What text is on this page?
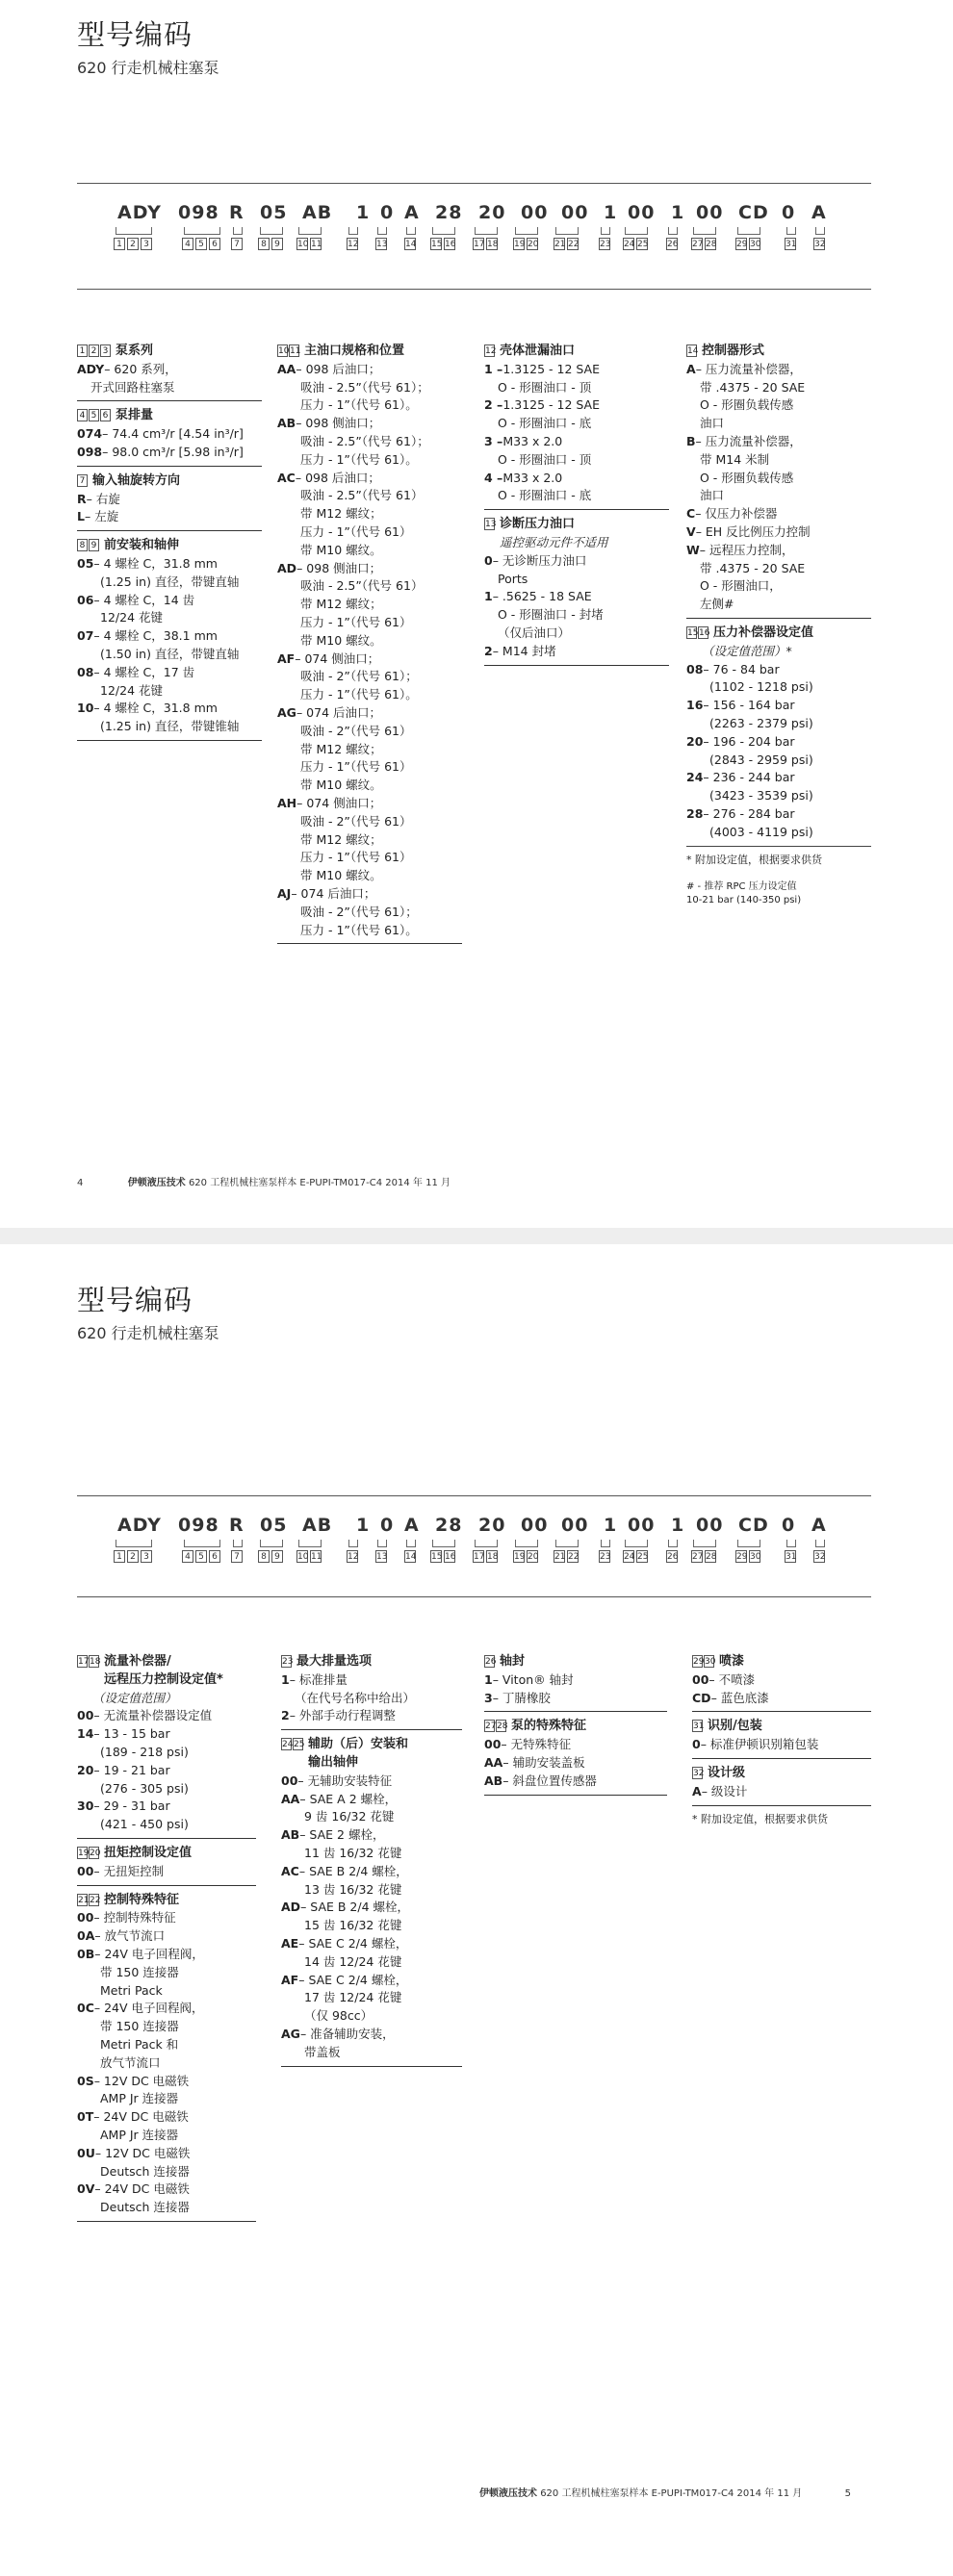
型号编码
620 行走机械柱塞泵
ADY 098 R 05 AB 1 0 A 28 20 00 00 1 00 1 00 CD 0 A
1 2 3	4 5 6	7	8 9	10 11	12 13 14 15 16 17 18 19 20 21 22 23 24 25 26 27 28 29 30	31 32
1 2 3 泵系列
ADY – 620 系列，
开式回路柱塞泵
4 5 6 泵排量
074 – 74.4 cm³/r [4.54 in³/r]
098 – 98.0 cm³/r [5.98 in³/r]
7 输入轴旋转方向
R – 右旋
L – 左旋
8 9 前安装和轴伸
05 – 4 螺栓 C，31.8 mm
(1.25 in) 直径，带键直轴
06 – 4 螺栓 C，14 齿
12/24 花键
07 – 4 螺栓 C，38.1 mm
(1.50 in) 直径，带键直轴
08 – 4 螺栓 C，17 齿
12/24 花键
10 – 4 螺栓 C，31.8 mm
(1.25 in) 直径，带键锥轴
10 11 主油口规格和位置
AA – 098 后油口；
吸油 - 2.5”（代号 61）；
压力 - 1”（代号 61）。
AB – 098 侧油口；
吸油 - 2.5”（代号 61）；
压力 - 1”（代号 61）。
AC – 098 后油口；
吸油 - 2.5”（代号 61）
带 M12 螺纹；
压力 - 1”（代号 61）
带 M10 螺纹。
AD – 098 侧油口；
吸油 - 2.5”（代号 61）
带 M12 螺纹；
压力 - 1”（代号 61）
带 M10 螺纹。
AF – 074 侧油口；
吸油 - 2”（代号 61）；
压力 - 1”（代号 61）。
AG – 074 后油口；
吸油 - 2”（代号 61）
带 M12 螺纹；
压力 - 1”（代号 61）
带 M10 螺纹。
AH – 074 侧油口；
吸油 - 2”（代号 61）
带 M12 螺纹；
压力 - 1”（代号 61）
带 M10 螺纹。
AJ – 074 后油口；
吸油 - 2”（代号 61）；
压力 - 1”（代号 61）。
12 壳体泄漏油口
1 – 1.3125 - 12 SAE
O - 形圈油口 - 顶
2 – 1.3125 - 12 SAE
O - 形圈油口 - 底
3 – M33 x 2.0
O - 形圈油口 - 顶
4 – M33 x 2.0
O - 形圈油口 - 底
13 诊断压力油口
遥控驱动元件不适用
0 – 无诊断压力油口
Ports
1 – .5625 - 18 SAE
O - 形圈油口 - 封堵
（仅后油口）
2 – M14 封堵
14 控制器形式
A – 压力流量补偿器，
带 .4375 - 20 SAE
O - 形圈负载传感
油口
B – 压力流量补偿器，
带 M14 米制
O - 形圈负载传感
油口
C – 仅压力补偿器
V – EH 反比例压力控制
W – 远程压力控制，
带 .4375 - 20 SAE
O - 形圈油口，
左侧#
15 16 压力补偿器设定值
（设定值范围）*
08 – 76 - 84 bar
(1102 - 1218 psi)
16 – 156 - 164 bar
(2263 - 2379 psi)
20 – 196 - 204 bar
(2843 - 2959 psi)
24 – 236 - 244 bar
(3423 - 3539 psi)
28 – 276 - 284 bar
(4003 - 4119 psi)
* 附加设定值，根据要求供货
# - 推荐 RPC 压力设定值
10-21 bar (140-350 psi)
4	伊顿液压技术 620 工程机械柱塞泵样本 E-PUPI-TM017-C4 2014 年 11 月
型号编码
620 行走机械柱塞泵
ADY 098 R 05 AB 1 0 A 28 20 00 00 1 00 1 00 CD 0 A
1 2 3	4 5 6	7	8 9	10 11	12 13 14 15 16 17 18 19 20 21 22 23 24 25 26 27 28 29 30	31 32
17 18 流量补偿器/
远程压力控制设定值*
（设定值范围）
00 – 无流量补偿器设定值
14 – 13 - 15 bar
(189 - 218 psi)
20 – 19 - 21 bar
(276 - 305 psi)
30 – 29 - 31 bar
(421 - 450 psi)
19 20 扭矩控制设定值
00 – 无扭矩控制
21 22 控制特殊特征
00 – 控制特殊特征
0A – 放气节流口
0B – 24V 电子回程阀，
带 150 连接器
Metri Pack
0C – 24V 电子回程阀，
带 150 连接器
Metri Pack 和
放气节流口
0S – 12V DC 电磁铁
AMP Jr 连接器
0T – 24V DC 电磁铁
AMP Jr 连接器
0U – 12V DC 电磁铁
Deutsch 连接器
0V – 24V DC 电磁铁
Deutsch 连接器
23 最大排量选项
1 – 标准排量
（在代号名称中给出）
2 – 外部手动行程调整
24 25 辅助（后）安装和
输出轴伸
00 – 无辅助安装特征
AA – SAE A 2 螺栓，
9 齿 16/32 花键
AB – SAE 2 螺栓，
11 齿 16/32 花键
AC – SAE B 2/4 螺栓，
13 齿 16/32 花键
AD – SAE B 2/4 螺栓，
15 齿 16/32 花键
AE – SAE C 2/4 螺栓，
14 齿 12/24 花键
AF – SAE C 2/4 螺栓，
17 齿 12/24 花键
（仅 98cc）
AG – 准备辅助安装，
带盖板
26 轴封
1 – Viton® 轴封
3 – 丁腈橡胶
27 28 泵的特殊特征
00 – 无特殊特征
AA – 辅助安装盖板
AB – 斜盘位置传感器
29 30 喷漆
00 – 不喷漆
CD – 蓝色底漆
31 识别/包装
0 – 标准伊顿识别箱包装
32 设计级
A – 级设计
* 附加设定值，根据要求供货
伊顿液压技术 620 工程机械柱塞泵样本 E-PUPI-TM017-C4 2014 年 11 月	5
